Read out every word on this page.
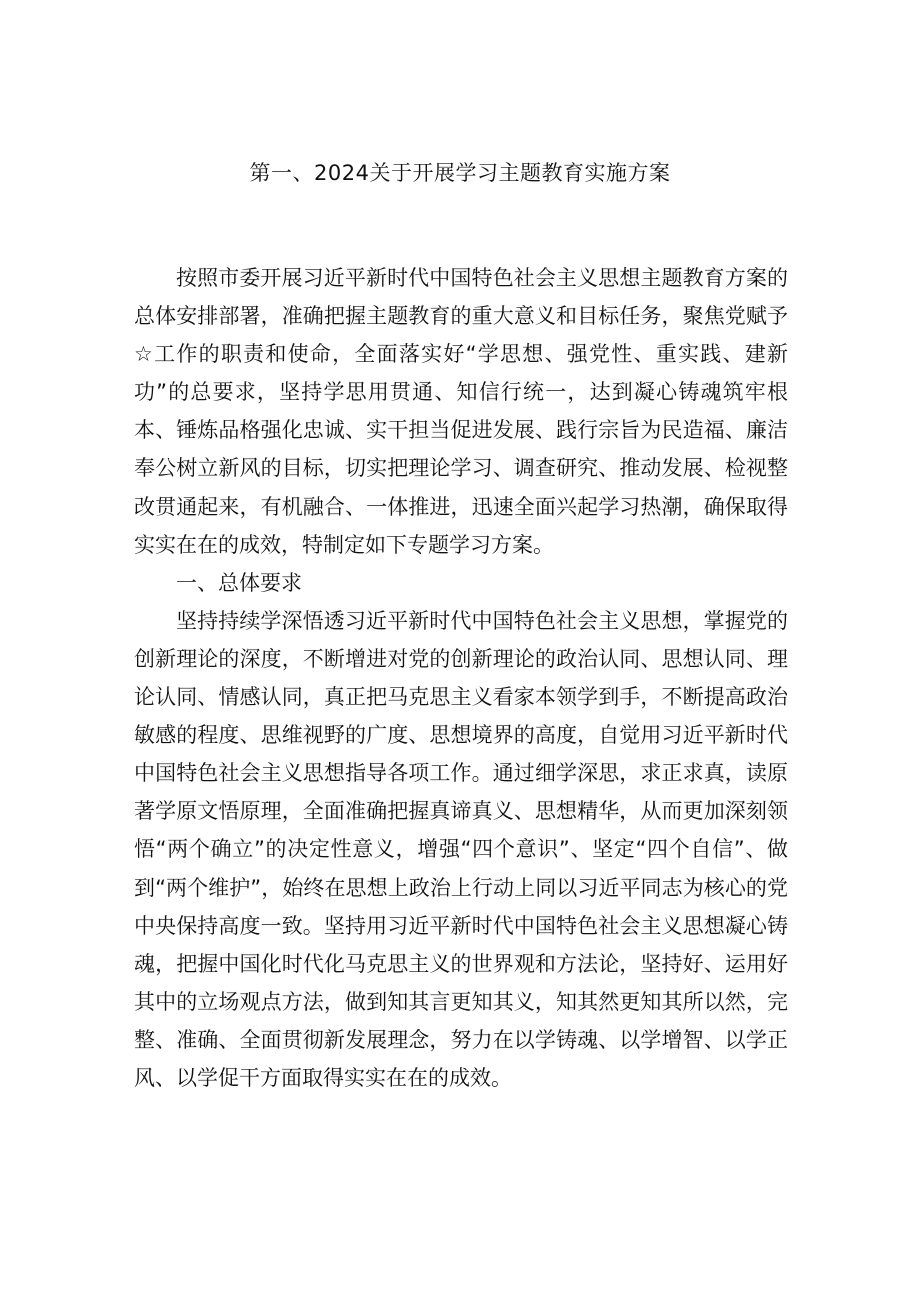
第一、2024关于开展学习主题教育实施方案

按照市委开展习近平新时代中国特色社会主义思想主题教育方案的总体安排部署，准确把握主题教育的重大意义和目标任务，聚焦党赋予☆工作的职责和使命，全面落实好“学思想、强党性、重实践、建新功”的总要求，坚持学思用贯通、知信行统一，达到凝心铸魂筑牢根本、锤炼品格强化忠诚、实干担当促进发展、践行宗旨为民造福、廉洁奉公树立新风的目标，切实把理论学习、调查研究、推动发展、检视整改贯通起来，有机融合、一体推进，迅速全面兴起学习热潮，确保取得实实在在的成效，特制定如下专题学习方案。

一、总体要求

坚持持续学深悟透习近平新时代中国特色社会主义思想，掌握党的创新理论的深度，不断增进对党的创新理论的政治认同、思想认同、理论认同、情感认同，真正把马克思主义看家本领学到手，不断提高政治敏感的程度、思维视野的广度、思想境界的高度，自觉用习近平新时代中国特色社会主义思想指导各项工作。通过细学深思，求正求真，读原著学原文悟原理，全面准确把握真谛真义、思想精华，从而更加深刻领悟“两个确立”的决定性意义，增强“四个意识”、坚定“四个自信”、做到“两个维护”，始终在思想上政治上行动上同以习近平同志为核心的党中央保持高度一致。坚持用习近平新时代中国特色社会主义思想凝心铸魂，把握中国化时代化马克思主义的世界观和方法论，坚持好、运用好其中的立场观点方法，做到知其言更知其义，知其然更知其所以然，完整、准确、全面贯彻新发展理念，努力在以学铸魂、以学增智、以学正风、以学促干方面取得实实在在的成效。
